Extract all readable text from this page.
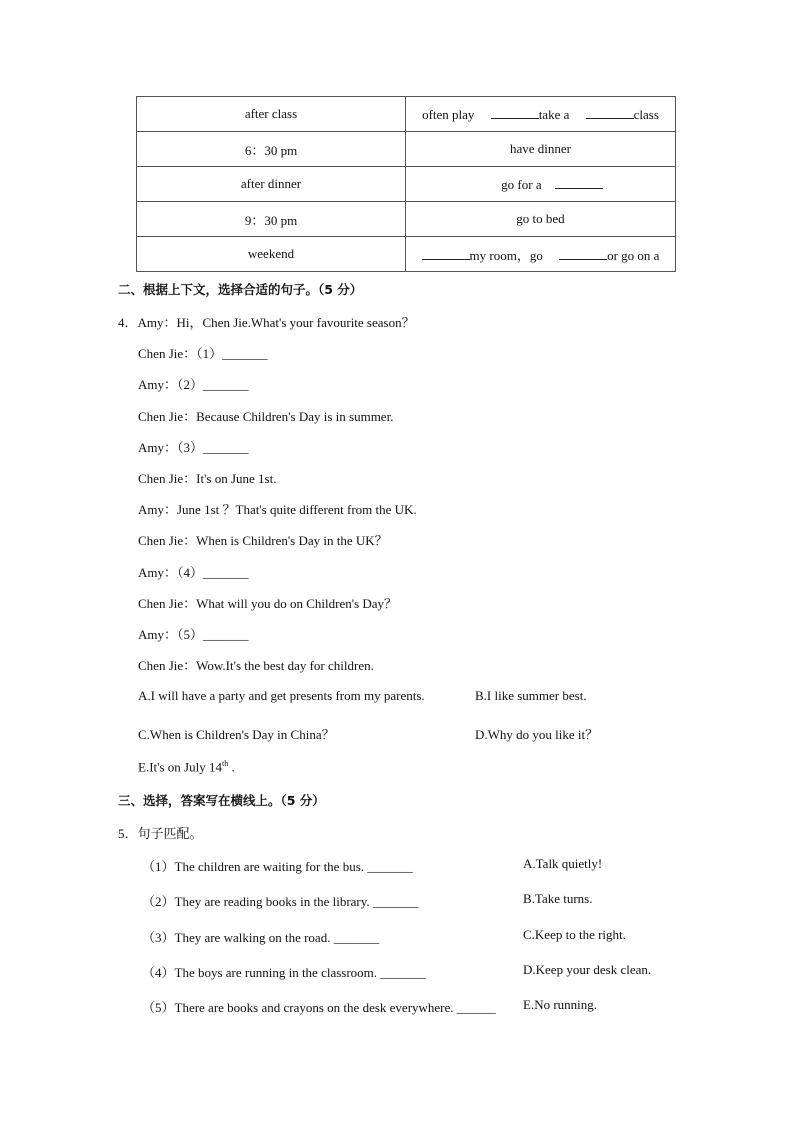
after class	often play take a class
6：30 pm	have dinner
after dinner	go for a
9：30 pm	go to bed
weekend	my room，go or go on a
二、根据上下文，选择合适的句子。（5 分）
4．Amy：Hi，Chen Jie.What's your favourite season？
Chen Jie：（1）_______
Amy：（2）_______
Chen Jie：Because Children's Day is in summer.
Amy：（3）_______
Chen Jie：It's on June 1st.
Amy：June 1st ？That's quite different from the UK.
Chen Jie：When is Children's Day in the UK？
Amy：（4）_______
Chen Jie：What will you do on Children's Day？
Amy：（5）_______
Chen Jie：Wow.It's the best day for children.
A.I will have a party and get presents from my parents.	B.I like summer best.
C.When is Children's Day in China？	D.Why do you like it？
E.It's on July 14th .
三、选择，答案写在横线上。（5 分）
5．句子匹配。
（1）The children are waiting for the bus. _______	A.Talk quietly!
（2）They are reading books in the library. _______	B.Take turns.
（3）They are walking on the road. _______	C.Keep to the right.
（4）The boys are running in the classroom. _______	D.Keep your desk clean.
（5）There are books and crayons on the desk everywhere. ______ E.No running.
